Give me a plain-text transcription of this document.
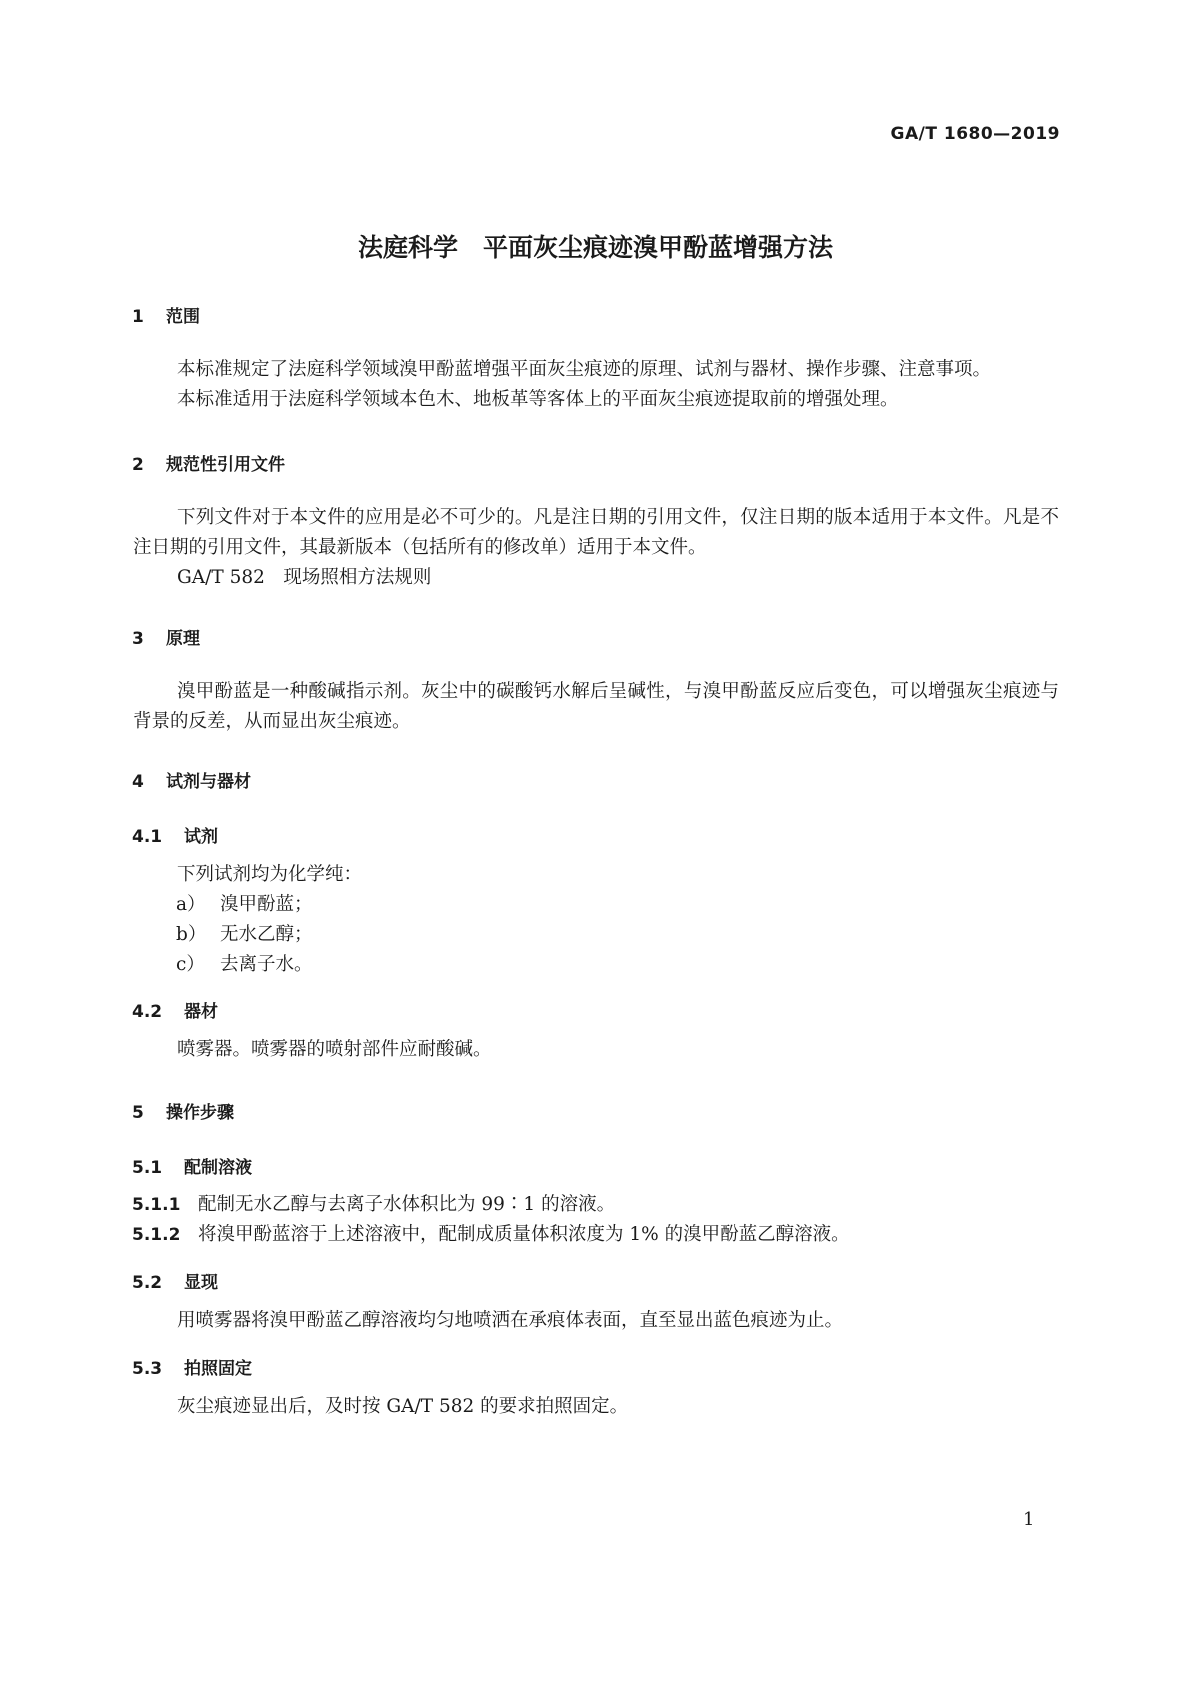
GA/T 1680—2019
法庭科学　平面灰尘痕迹溴甲酚蓝增强方法
1 范围
本标准规定了法庭科学领域溴甲酚蓝增强平面灰尘痕迹的原理、试剂与器材、操作步骤、注意事项。
本标准适用于法庭科学领域本色木、地板革等客体上的平面灰尘痕迹提取前的增强处理。
2 规范性引用文件

下列文件对于本文件的应用是必不可少的。凡是注日期的引用文件，仅注日期的版本适用于本文件。凡是不注日期的引用文件，其最新版本（包括所有的修改单）适用于本文件。

GA/T 582　现场照相方法规则
3 原理

溴甲酚蓝是一种酸碱指示剂。灰尘中的碳酸钙水解后呈碱性，与溴甲酚蓝反应后变色，可以增强灰尘痕迹与背景的反差，从而显出灰尘痕迹。

4 试剂与器材
4.1 试剂
下列试剂均为化学纯：
a） 溴甲酚蓝；
b） 无水乙醇；
c） 去离子水。
4.2 器材
喷雾器。喷雾器的喷射部件应耐酸碱。
5 操作步骤
5.1 配制溶液
5.1.1 配制无水乙醇与去离子水体积比为 99∶1 的溶液。
5.1.2 将溴甲酚蓝溶于上述溶液中，配制成质量体积浓度为 1% 的溴甲酚蓝乙醇溶液。
5.2 显现
用喷雾器将溴甲酚蓝乙醇溶液均匀地喷洒在承痕体表面，直至显出蓝色痕迹为止。
5.3 拍照固定
灰尘痕迹显出后，及时按 GA/T 582 的要求拍照固定。
1
